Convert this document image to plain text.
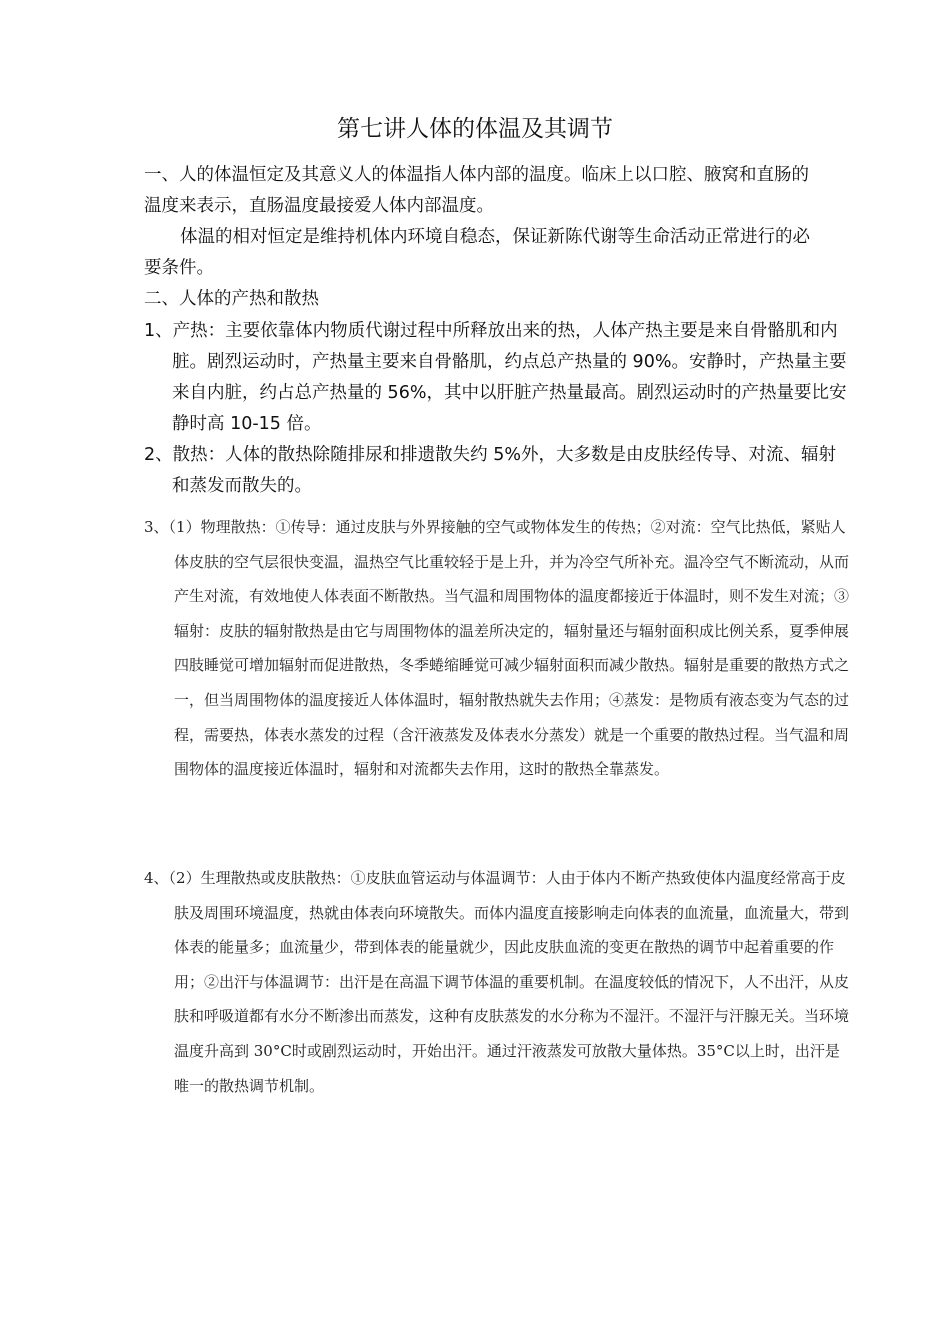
第七讲人体的体温及其调节

一、人的体温恒定及其意义人的体温指人体内部的温度。临床上以口腔、腋窝和直肠的温度来表示，直肠温度最接爱人体内部温度。

体温的相对恒定是维持机体内环境自稳态，保证新陈代谢等生命活动正常进行的必要条件。

二、人体的产热和散热

1、产热：主要依靠体内物质代谢过程中所释放出来的热，人体产热主要是来自骨骼肌和内脏。剧烈运动时，产热量主要来自骨骼肌，约点总产热量的 90%。安静时，产热量主要来自内脏，约占总产热量的 56%，其中以肝脏产热量最高。剧烈运动时的产热量要比安静时高 10-15 倍。

2、散热：人体的散热除随排尿和排遗散失约 5%外，大多数是由皮肤经传导、对流、辐射和蒸发而散失的。

3、（1）物理散热：①传导：通过皮肤与外界接触的空气或物体发生的传热；②对流：空气比热低，紧贴人体皮肤的空气层很快变温，温热空气比重较轻于是上升，并为冷空气所补充。温冷空气不断流动，从而产生对流，有效地使人体表面不断散热。当气温和周围物体的温度都接近于体温时，则不发生对流；③辐射：皮肤的辐射散热是由它与周围物体的温差所决定的，辐射量还与辐射面积成比例关系，夏季伸展四肢睡觉可增加辐射而促进散热，冬季蜷缩睡觉可减少辐射面积而减少散热。辐射是重要的散热方式之一，但当周围物体的温度接近人体体温时，辐射散热就失去作用；④蒸发：是物质有液态变为气态的过程，需要热，体表水蒸发的过程（含汗液蒸发及体表水分蒸发）就是一个重要的散热过程。当气温和周围物体的温度接近体温时，辐射和对流都失去作用，这时的散热全靠蒸发。

4、（2）生理散热或皮肤散热：①皮肤血管运动与体温调节：人由于体内不断产热致使体内温度经常高于皮肤及周围环境温度，热就由体表向环境散失。而体内温度直接影响走向体表的血流量，血流量大，带到体表的能量多；血流量少，带到体表的能量就少，因此皮肤血流的变更在散热的调节中起着重要的作用；②出汗与体温调节：出汗是在高温下调节体温的重要机制。在温度较低的情况下，人不出汗，从皮肤和呼吸道都有水分不断渗出而蒸发，这种有皮肤蒸发的水分称为不湿汗。不湿汗与汗腺无关。当环境温度升高到 30°C时或剧烈运动时，开始出汗。通过汗液蒸发可放散大量体热。35°C以上时，出汗是唯一的散热调节机制。
